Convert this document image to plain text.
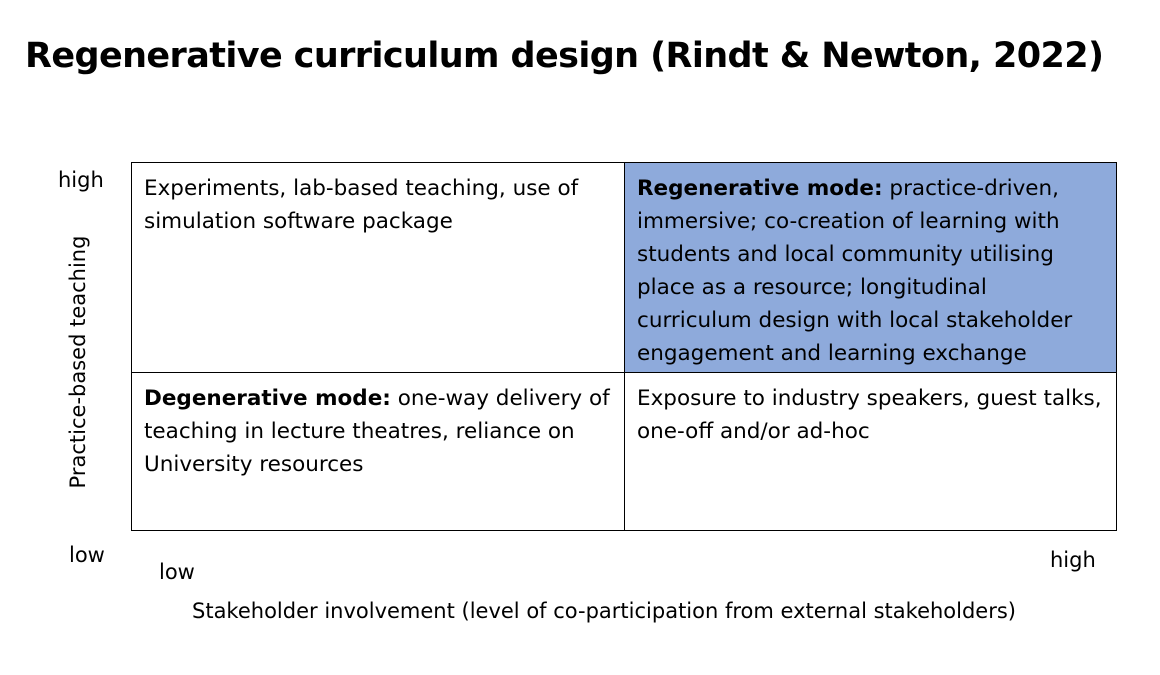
Regenerative curriculum design (Rindt & Newton, 2022)
high
low
Practice-based teaching
Experiments, lab-based teaching, use of simulation software package
Regenerative mode: practice-driven, immersive; co-creation of learning with students and local community utilising place as a resource; longitudinal curriculum design with local stakeholder engagement and learning exchange
Degenerative mode: one-way delivery of teaching in lecture theatres, reliance on University resources
Exposure to industry speakers, guest talks, one-off and/or ad-hoc
low	high
Stakeholder involvement (level of co-participation from external stakeholders)
